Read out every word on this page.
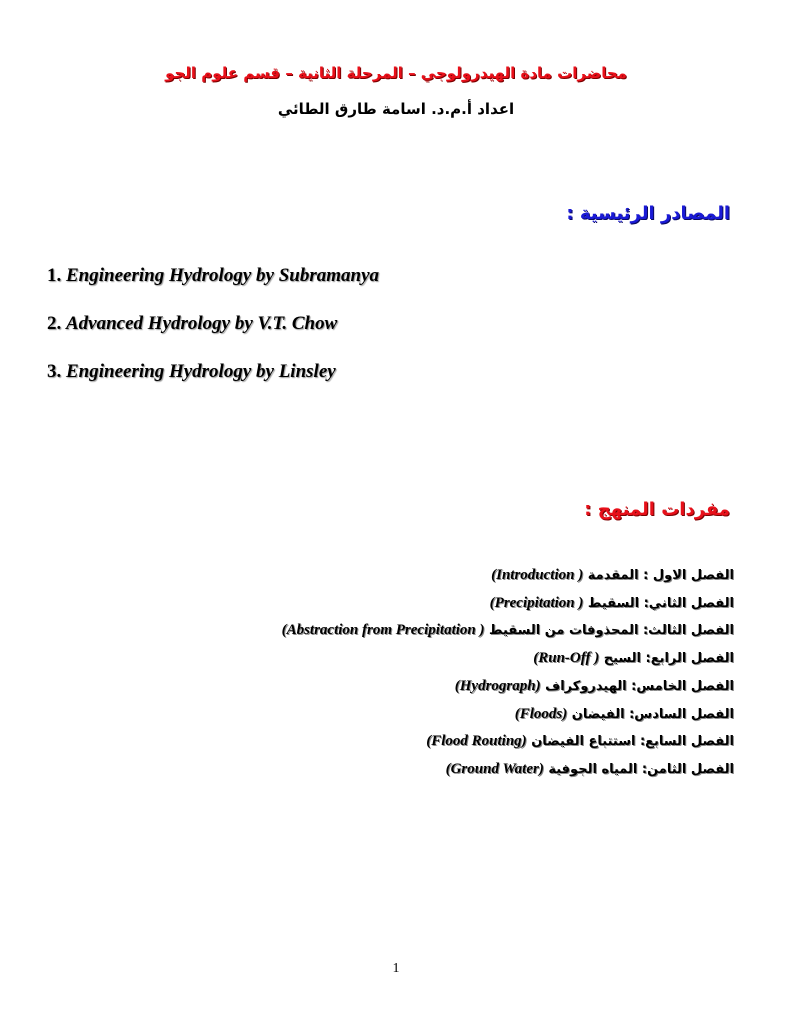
محاضرات مادة الهيدرولوجي – المرحلة الثانية – قسم علوم الجو
اعداد أ.م.د. اسامة طارق الطائي
المصادر الرئيسية :
1. Engineering Hydrology by Subramanya
2. Advanced Hydrology by V.T. Chow
3. Engineering Hydrology by Linsley
مفردات المنهج :
الفصل الاول : المقدمة (Introduction )
الفصل الثاني: السقيط (Precipitation )
الفصل الثالث: المحذوفات من السقيط (Abstraction from Precipitation )
الفصل الرابع: السيح (Run-Off )
الفصل الخامس: الهيدروكراف (Hydrograph)
الفصل السادس: الفيضان (Floods)
الفصل السابع: استتباع الفيضان (Flood Routing)
الفصل الثامن: المياه الجوفية (Ground Water)
1
